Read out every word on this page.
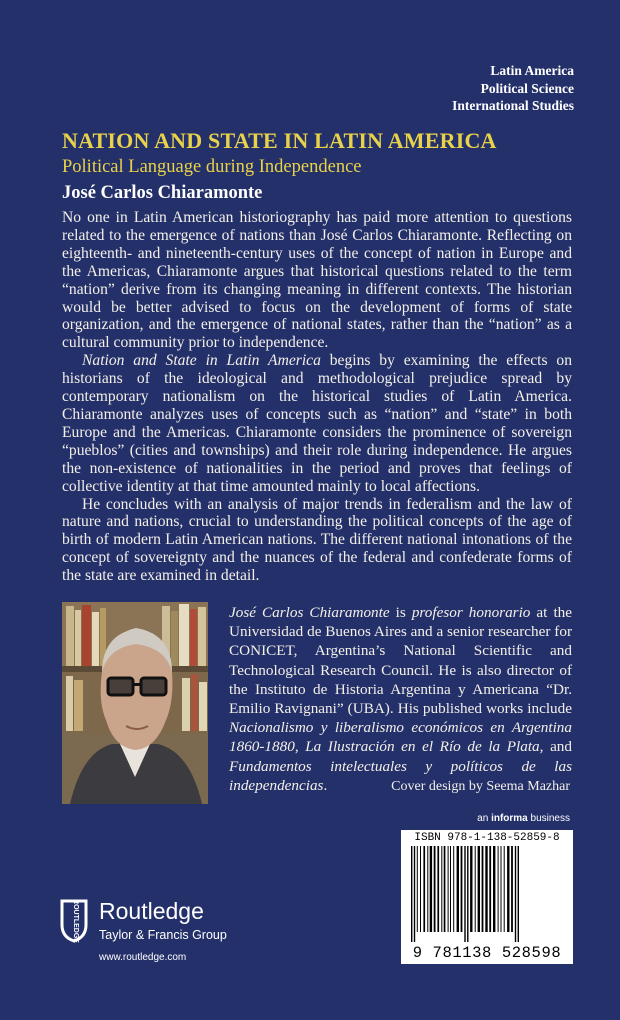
Latin America
Political Science
International Studies
NATION AND STATE IN LATIN AMERICA
Political Language during Independence
José Carlos Chiaramonte

No one in Latin American historiography has paid more attention to questions related to the emergence of nations than José Carlos Chiaramonte. Reflecting on eighteenth- and nineteenth-century uses of the concept of nation in Europe and the Americas, Chiaramonte argues that historical questions related to the term “nation” derive from its changing meaning in different contexts. The historian would be better advised to focus on the development of forms of state organization, and the emergence of national states, rather than the “nation” as a cultural community prior to independence.

Nation and State in Latin America begins by examining the effects on historians of the ideological and methodological prejudice spread by contemporary nationalism on the historical studies of Latin America. Chiaramonte analyzes uses of concepts such as “nation” and “state” in both Europe and the Americas. Chiaramonte considers the prominence of sovereign “pueblos” (cities and townships) and their role during independence. He argues the non-existence of nationalities in the period and proves that feelings of collective identity at that time amounted mainly to local affections.

He concludes with an analysis of major trends in federalism and the law of nature and nations, crucial to understanding the political concepts of the age of birth of modern Latin American nations. The different national intonations of the concept of sovereignty and the nuances of the federal and confederate forms of the state are examined in detail.

José Carlos Chiaramonte is profesor honorario at the Universidad de Buenos Aires and a senior researcher for CONICET, Argentina’s National Scientific and Technological Research Council. He is also director of the Instituto de Historia Argentina y Americana “Dr. Emilio Ravignani” (UBA). His published works include Nacionalismo y liberalismo económicos en Argentina 1860-1880, La Ilustración en el Río de la Plata, and Fundamentos intelectuales y políticos de las independencias.	Cover design by Seema Mazhar
an informa business
ISBN 978-1-138-52859-8
9 781138 528598
ROUTLEDGE Routledge
Taylor & Francis Group
www.routledge.com
